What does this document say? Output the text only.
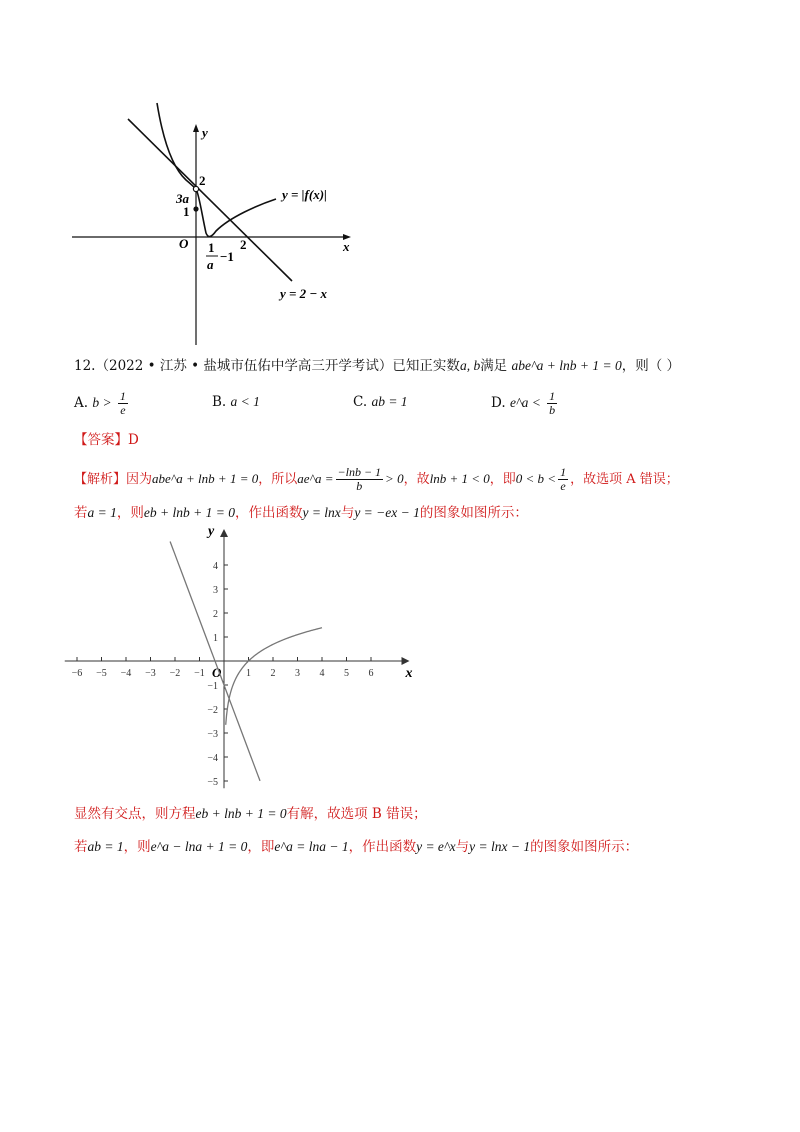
y
x
O
2
3a
1
1
a
−1
2
y = |f(x)|
y = 2 − x
12.（2022 • 江苏 • 盐城市伍佑中学高三开学考试）已知正实数a, b满足 abe^a + lnb + 1 = 0，则（ ）
A. $b > \frac{1}{e}$	B. a < 1	C. ab = 1	D. e^a < $\frac{1}{b}$
【答案】D
【解析】因为abe^a + lnb + 1 = 0，所以ae^a = $\frac{-\ln b - 1}{b} > 0$，故lnb + 1 < 0，即$0 < b < \frac{1}{e}$ ，故选项 A 错误；
若a = 1，则eb + lnb + 1 = 0，作出函数y = lnx与y = −ex − 1的图象如图所示：
x
y
O
−6 −5 −4 −3 −2 −1	1 2 3 4 5 6
−5
−4
−3
−2
−1
1
2
3
4
显然有交点，则方程eb + lnb + 1 = 0有解，故选项 B 错误；
若ab = 1，则e^a − lna + 1 = 0，即e^a = lna − 1，作出函数y = e^x与y = lnx − 1的图象如图所示：
